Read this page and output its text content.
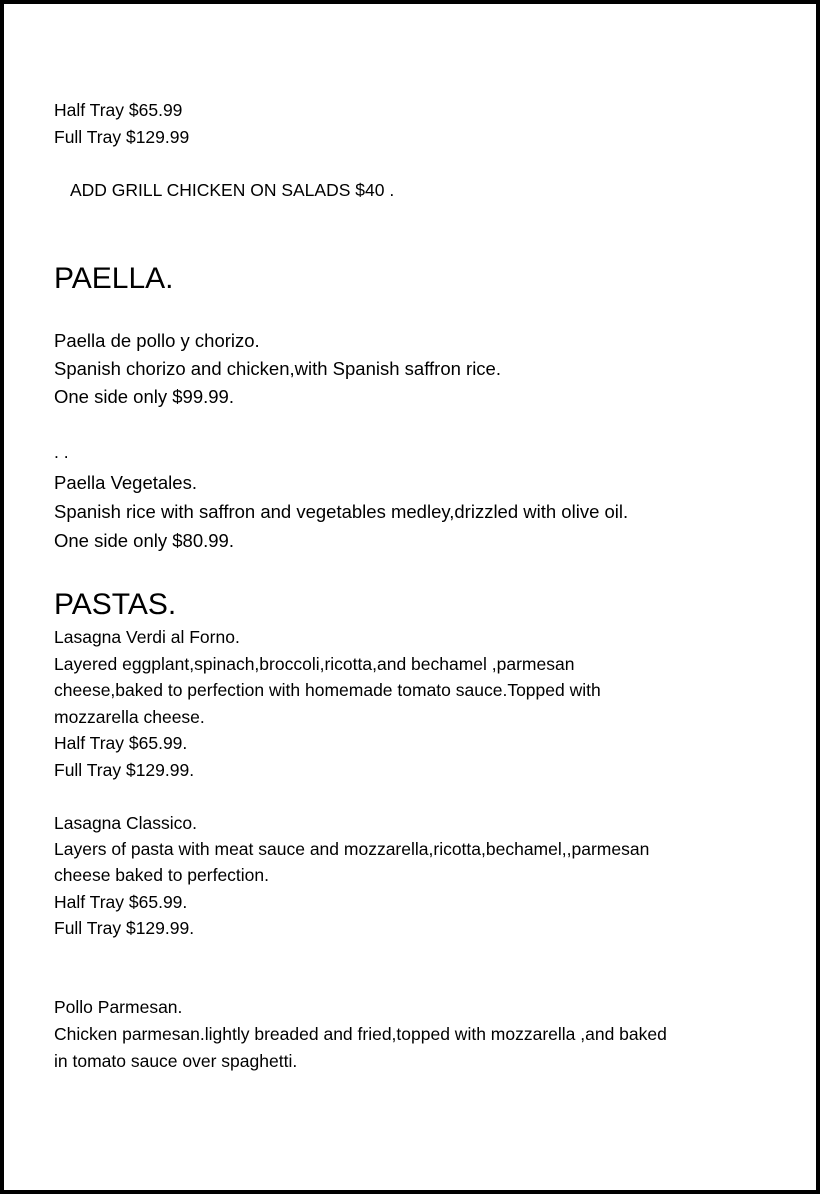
Half Tray $65.99
Full Tray $129.99
ADD GRILL CHICKEN ON SALADS $40 .
PAELLA.
Paella de pollo y chorizo.
Spanish chorizo and chicken,with Spanish saffron rice.
One side only $99.99.
. .
Paella Vegetales.
Spanish rice with saffron and vegetables medley,drizzled with olive oil.
One side only $80.99.
PASTAS.
Lasagna Verdi al Forno.
Layered eggplant,spinach,broccoli,ricotta,and bechamel ,parmesan
cheese,baked to perfection with homemade tomato sauce.Topped with
mozzarella cheese.
Half Tray $65.99.
Full Tray $129.99.
Lasagna Classico.
Layers of pasta with meat sauce and mozzarella,ricotta,bechamel,,parmesan
cheese baked to perfection.
Half Tray $65.99.
Full Tray $129.99.
Pollo Parmesan.
Chicken parmesan.lightly breaded and fried,topped with mozzarella ,and baked
in tomato sauce over spaghetti.
